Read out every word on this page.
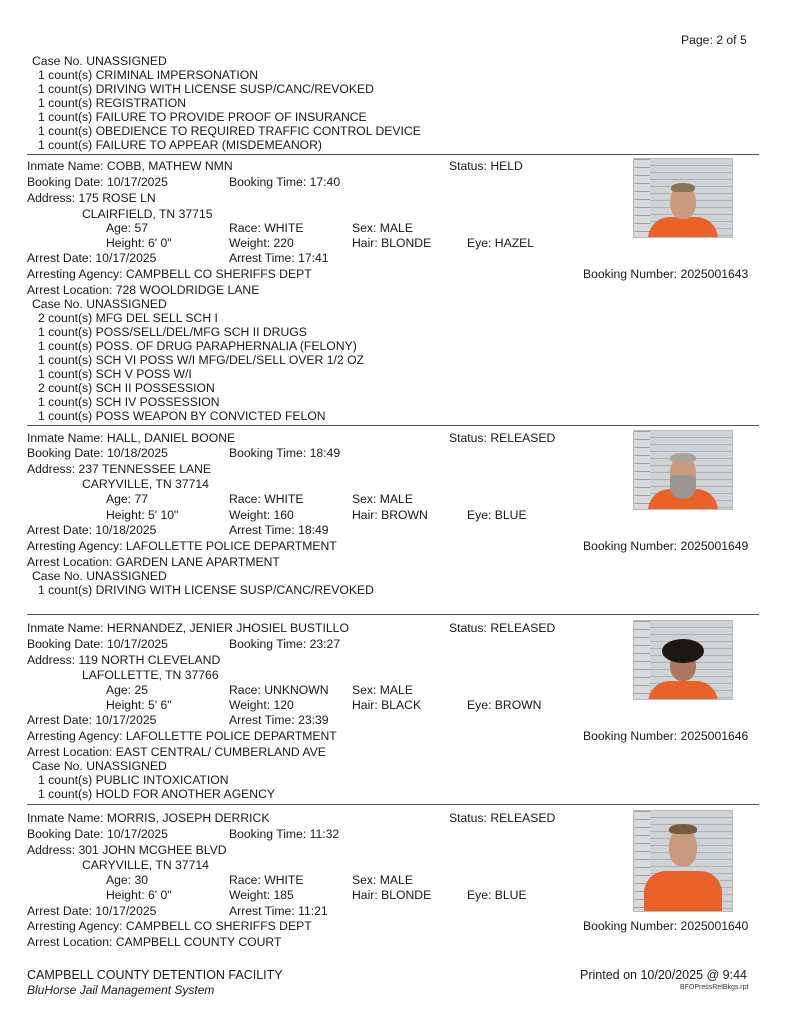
Page: 2 of 5
Case No. UNASSIGNED
1 count(s) CRIMINAL IMPERSONATION
1 count(s) DRIVING WITH LICENSE SUSP/CANC/REVOKED
1 count(s) REGISTRATION
1 count(s) FAILURE TO PROVIDE PROOF OF INSURANCE
1 count(s) OBEDIENCE TO REQUIRED TRAFFIC CONTROL DEVICE
1 count(s) FAILURE TO APPEAR (MISDEMEANOR)
Inmate Name: COBB, MATHEW NMN	Status: HELD
Booking Date: 10/17/2025	Booking Time: 17:40
Address: 175 ROSE LN
CLAIRFIELD, TN 37715
Age: 57	Race: WHITE	Sex: MALE
Height: 6' 0"	Weight: 220	Hair: BLONDE	Eye: HAZEL
Arrest Date: 10/17/2025	Arrest Time: 17:41
Arresting Agency: CAMPBELL CO SHERIFFS DEPT	Booking Number: 2025001643
Arrest Location: 728 WOOLDRIDGE LANE
Case No. UNASSIGNED
2 count(s) MFG DEL SELL SCH I
1 count(s) POSS/SELL/DEL/MFG SCH II DRUGS
1 count(s) POSS. OF DRUG PARAPHERNALIA (FELONY)
1 count(s) SCH VI POSS W/I MFG/DEL/SELL OVER 1/2 OZ
1 count(s) SCH V POSS W/I
2 count(s) SCH II POSSESSION
1 count(s) SCH IV POSSESSION
1 count(s) POSS WEAPON BY CONVICTED FELON
Inmate Name: HALL, DANIEL BOONE	Status: RELEASED
Booking Date: 10/18/2025	Booking Time: 18:49
Address: 237 TENNESSEE LANE
CARYVILLE, TN 37714
Age: 77	Race: WHITE	Sex: MALE
Height: 5' 10"	Weight: 160	Hair: BROWN	Eye: BLUE
Arrest Date: 10/18/2025	Arrest Time: 18:49
Arresting Agency: LAFOLLETTE POLICE DEPARTMENT	Booking Number: 2025001649
Arrest Location: GARDEN LANE APARTMENT
Case No. UNASSIGNED
1 count(s) DRIVING WITH LICENSE SUSP/CANC/REVOKED
Inmate Name: HERNANDEZ, JENIER JHOSIEL BUSTILLO	Status: RELEASED
Booking Date: 10/17/2025	Booking Time: 23:27
Address: 119 NORTH CLEVELAND
LAFOLLETTE, TN 37766
Age: 25	Race: UNKNOWN Sex: MALE
Height: 5' 6"	Weight: 120	Hair: BLACK	Eye: BROWN
Arrest Date: 10/17/2025	Arrest Time: 23:39
Arresting Agency: LAFOLLETTE POLICE DEPARTMENT	Booking Number: 2025001646
Arrest Location: EAST CENTRAL/ CUMBERLAND AVE
Case No. UNASSIGNED
1 count(s) PUBLIC INTOXICATION
1 count(s) HOLD FOR ANOTHER AGENCY
Inmate Name: MORRIS, JOSEPH DERRICK	Status: RELEASED
Booking Date: 10/17/2025	Booking Time: 11:32
Address: 301 JOHN MCGHEE BLVD
CARYVILLE, TN 37714
Age: 30	Race: WHITE	Sex: MALE
Height: 6' 0"	Weight: 185	Hair: BLONDE	Eye: BLUE
Arrest Date: 10/17/2025	Arrest Time: 11:21
Arresting Agency: CAMPBELL CO SHERIFFS DEPT	Booking Number: 2025001640
Arrest Location: CAMPBELL COUNTY COURT
CAMPBELL COUNTY DETENTION FACILITY
BluHorse Jail Management System
Printed on 10/20/2025 @ 9:44
BFOPressRelBkgs.rpt
